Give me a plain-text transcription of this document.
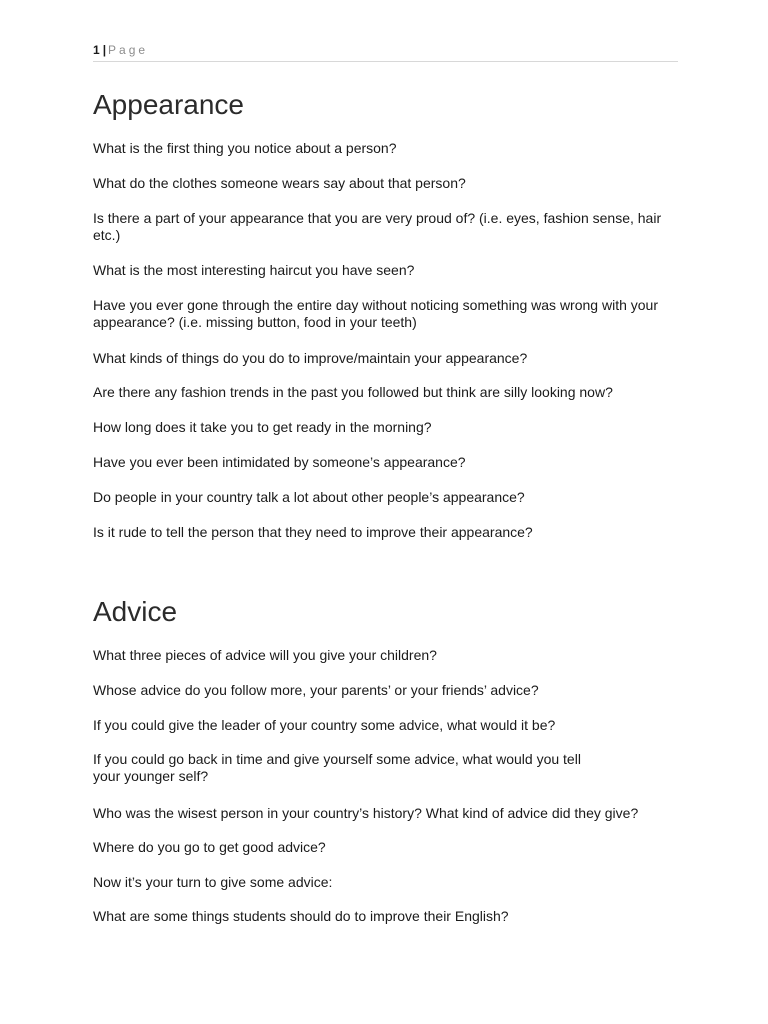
1 | Page
Appearance

What is the first thing you notice about a person?

What do the clothes someone wears say about that person?

Is there a part of your appearance that you are very proud of? (i.e. eyes, fashion sense, hair etc.)

What is the most interesting haircut you have seen?

Have you ever gone through the entire day without noticing something was wrong with your appearance? (i.e. missing button, food in your teeth)

What kinds of things do you do to improve/maintain your appearance?

Are there any fashion trends in the past you followed but think are silly looking now?

How long does it take you to get ready in the morning?

Have you ever been intimidated by someone’s appearance?

Do people in your country talk a lot about other people’s appearance?

Is it rude to tell the person that they need to improve their appearance?

Advice

What three pieces of advice will you give your children?

Whose advice do you follow more, your parents’ or your friends’ advice?

If you could give the leader of your country some advice, what would it be?

If you could go back in time and give yourself some advice, what would you tell your younger self?

Who was the wisest person in your country’s history? What kind of advice did they give?

Where do you go to get good advice?

Now it’s your turn to give some advice:

What are some things students should do to improve their English?
